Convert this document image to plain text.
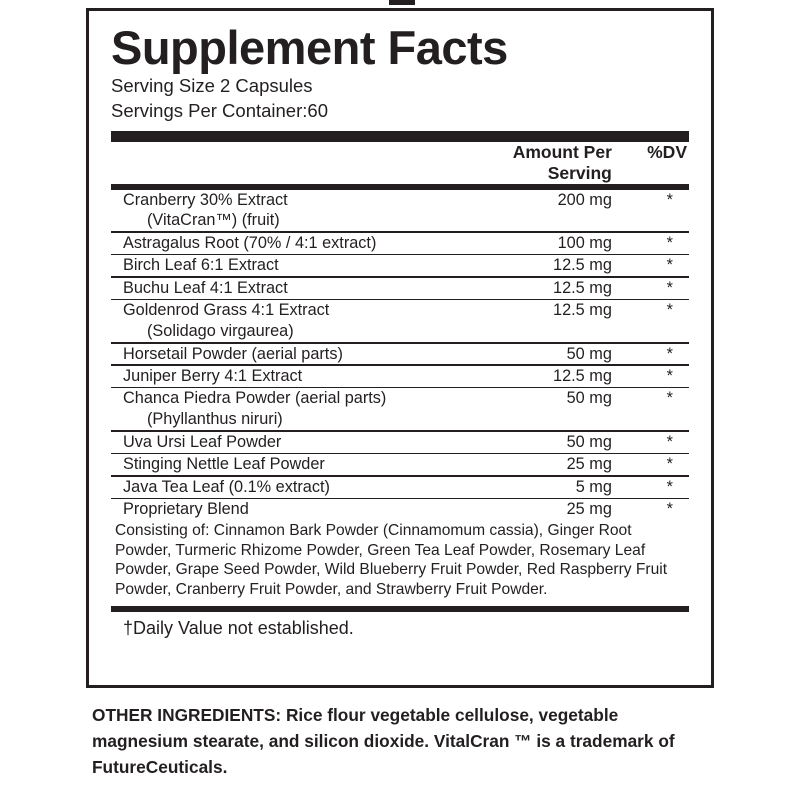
Supplement Facts
Serving Size 2 Capsules
Servings Per Container:60
	Amount Per Serving	%DV
Cranberry 30% Extract
(VitaCran™) (fruit)	200 mg	*

Astragalus Root (70% / 4:1 extract)	100 mg	*

Birch Leaf 6:1 Extract	12.5 mg	*

Buchu Leaf 4:1 Extract	12.5 mg	*

Goldenrod Grass 4:1 Extract
(Solidago virgaurea)	12.5 mg	*

Horsetail Powder (aerial parts)	50 mg	*

Juniper Berry 4:1 Extract	12.5 mg	*

Chanca Piedra Powder (aerial parts)
(Phyllanthus niruri)	50 mg	*

Uva Ursi Leaf Powder	50 mg	*

Stinging Nettle Leaf Powder	25 mg	*

Java Tea Leaf (0.1% extract)	5 mg	*

Proprietary Blend	25 mg	*

Consisting of: Cinnamon Bark Powder (Cinnamomum cassia), Ginger Root Powder, Turmeric Rhizome Powder, Green Tea Leaf Powder, Rosemary Leaf Powder, Grape Seed Powder, Wild Blueberry Fruit Powder, Red Raspberry Fruit Powder, Cranberry Fruit Powder, and Strawberry Fruit Powder.		
†Daily Value not established.
OTHER INGREDIENTS: Rice flour vegetable cellulose, vegetable magnesium stearate, and silicon dioxide. VitalCran ™ is a trademark of FutureCeuticals.
